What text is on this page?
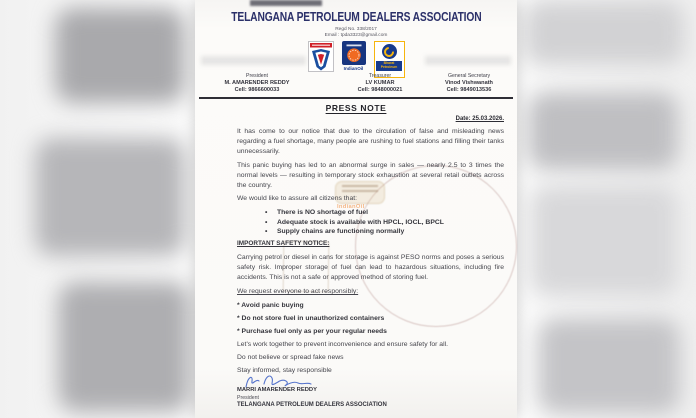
IndianOil
TELANGANA PETROLEUM DEALERS ASSOCIATION
Regd No. 338/2017
Email : tpda3323@gmail.com
IndianOil
Bharat Petroleum
President
M. AMARENDER REDDY
Cell: 9866600033
Treasurer
LV KUMAR
Cell: 9848000021
General Secretary
Vinod Vishwanath
Cell: 9849013536
PRESS NOTE
Date: 25.03.2026.
It has come to our notice that due to the circulation of false and misleading news regarding a fuel shortage, many people are rushing to fuel stations and filling their tanks unnecessarily.
This panic buying has led to an abnormal surge in sales — nearly 2.5 to 3 times the normal levels — resulting in temporary stock exhaustion at several retail outlets across the country.
We would like to assure all citizens that:
• There is NO shortage of fuel
• Adequate stock is available with HPCL, IOCL, BPCL
• Supply chains are functioning normally
IMPORTANT SAFETY NOTICE:
Carrying petrol or diesel in cans for storage is against PESO norms and poses a serious safety risk. Improper storage of fuel can lead to hazardous situations, including fire accidents. This is not a safe or approved method of storing fuel.
We request everyone to act responsibly:
* Avoid panic buying
* Do not store fuel in unauthorized containers
* Purchase fuel only as per your regular needs
Let's work together to prevent inconvenience and ensure safety for all.
Do not believe or spread fake news
Stay informed, stay responsible
MARRI AMARENDER REDDY
President
TELANGANA PETROLEUM DEALERS ASSOCIATION
